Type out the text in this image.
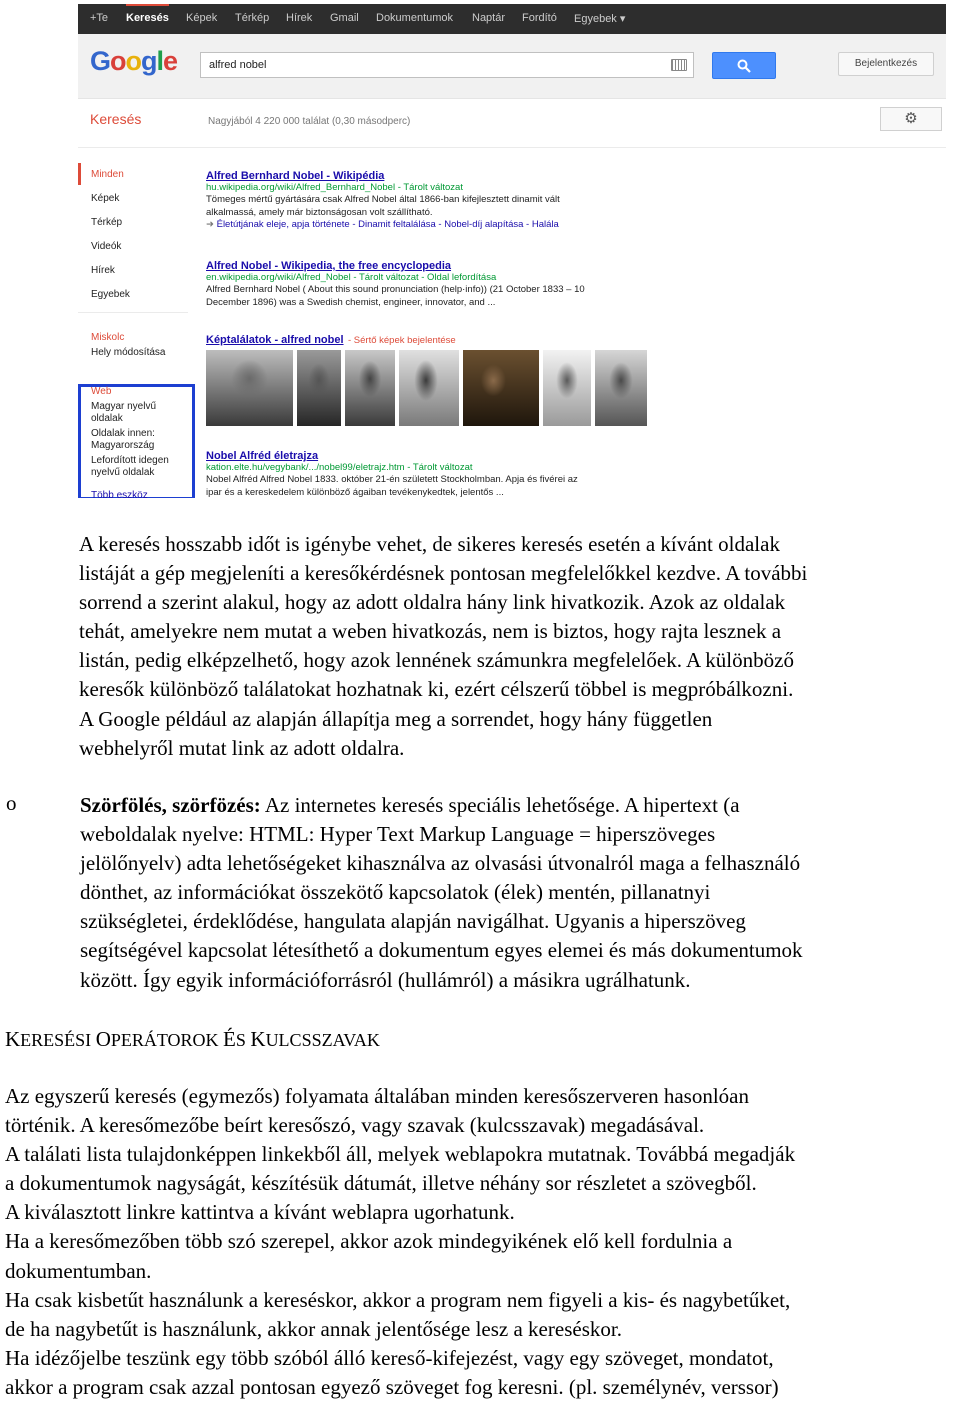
+Te Keresés Képek Térkép Hírek Gmail Dokumentumok Naptár Fordító Egyebek ▾
Google	alfred nobel	Bejelentkezés
Keresés	Nagyjából 4 220 000 találat (0,30 másodperc)	⚙
Minden
Képek
Térkép
Videók
Hírek
Egyebek
Miskolc
Hely módosítása
Web
Magyar nyelvű
oldalak
Oldalak innen:
Magyarország
Lefordított idegen
nyelvű oldalak
Több eszköz
Alfred Bernhard Nobel - Wikipédia
hu.wikipedia.org/wiki/Alfred_Bernhard_Nobel - Tárolt változat
Tömeges mértű gyártására csak Alfred Nobel által 1866-ban kifejlesztett dinamit vált
alkalmassá, amely már biztonságosan volt szállítható.
➜ Életútjának eleje, apja története - Dinamit feltalálása - Nobel-díj alapítása - Halála
Alfred Nobel - Wikipedia, the free encyclopedia
en.wikipedia.org/wiki/Alfred_Nobel - Tárolt változat - Oldal lefordítása
Alfred Bernhard Nobel ( About this sound pronunciation (help·info)) (21 October 1833 – 10
December 1896) was a Swedish chemist, engineer, innovator, and ...
Képtalálatok - alfred nobel - Sértő képek bejelentése
Nobel Alfréd életrajza
kation.elte.hu/vegybank/.../nobel99/eletrajz.htm - Tárolt változat
Nobel Alfréd Alfred Nobel 1833. október 21-én született Stockholmban. Apja és fivérei az
ipar és a kereskedelem különböző ágaiban tevékenykedtek, jelentős ...
A keresés hosszabb időt is igénybe vehet, de sikeres keresés esetén a kívánt oldalak
listáját a gép megjeleníti a keresőkérdésnek pontosan megfelelőkkel kezdve. A további
sorrend a szerint alakul, hogy az adott oldalra hány link hivatkozik. Azok az oldalak
tehát, amelyekre nem mutat a weben hivatkozás, nem is biztos, hogy rajta lesznek a
listán, pedig elképzelhető, hogy azok lennének számunkra megfelelőek. A különböző
keresők különböző találatokat hozhatnak ki, ezért célszerű többel is megpróbálkozni.
A Google például az alapján állapítja meg a sorrendet, hogy hány független
webhelyről mutat link az adott oldalra.
o	Szörfölés, szörfözés: Az internetes keresés speciális lehetősége. A hipertext (a
weboldalak nyelve: HTML: Hyper Text Markup Language = hiperszöveges
jelölőnyelv) adta lehetőségeket kihasználva az olvasási útvonalról maga a felhasználó
dönthet, az információkat összekötő kapcsolatok (élek) mentén, pillanatnyi
szükségletei, érdeklődése, hangulata alapján navigálhat. Ugyanis a hiperszöveg
segítségével kapcsolat létesíthető a dokumentum egyes elemei és más dokumentumok
között. Így egyik információforrásról (hullámról) a másikra ugrálhatunk.
KERESÉSI OPERÁTOROK ÉS KULCSSZAVAK
Az egyszerű keresés (egymezős) folyamata általában minden keresőszerveren hasonlóan
történik. A keresőmezőbe beírt keresőszó, vagy szavak (kulcsszavak) megadásával.
A találati lista tulajdonképpen linkekből áll, melyek weblapokra mutatnak. Továbbá megadják
a dokumentumok nagyságát, készítésük dátumát, illetve néhány sor részletet a szövegből.
A kiválasztott linkre kattintva a kívánt weblapra ugorhatunk.
Ha a keresőmezőben több szó szerepel, akkor azok mindegyikének elő kell fordulnia a
dokumentumban.
Ha csak kisbetűt használunk a kereséskor, akkor a program nem figyeli a kis- és nagybetűket,
de ha nagybetűt is használunk, akkor annak jelentősége lesz a kereséskor.
Ha idézőjelbe teszünk egy több szóból álló kereső-kifejezést, vagy egy szöveget, mondatot,
akkor a program csak azzal pontosan egyező szöveget fog keresni. (pl. személynév, verssor)
